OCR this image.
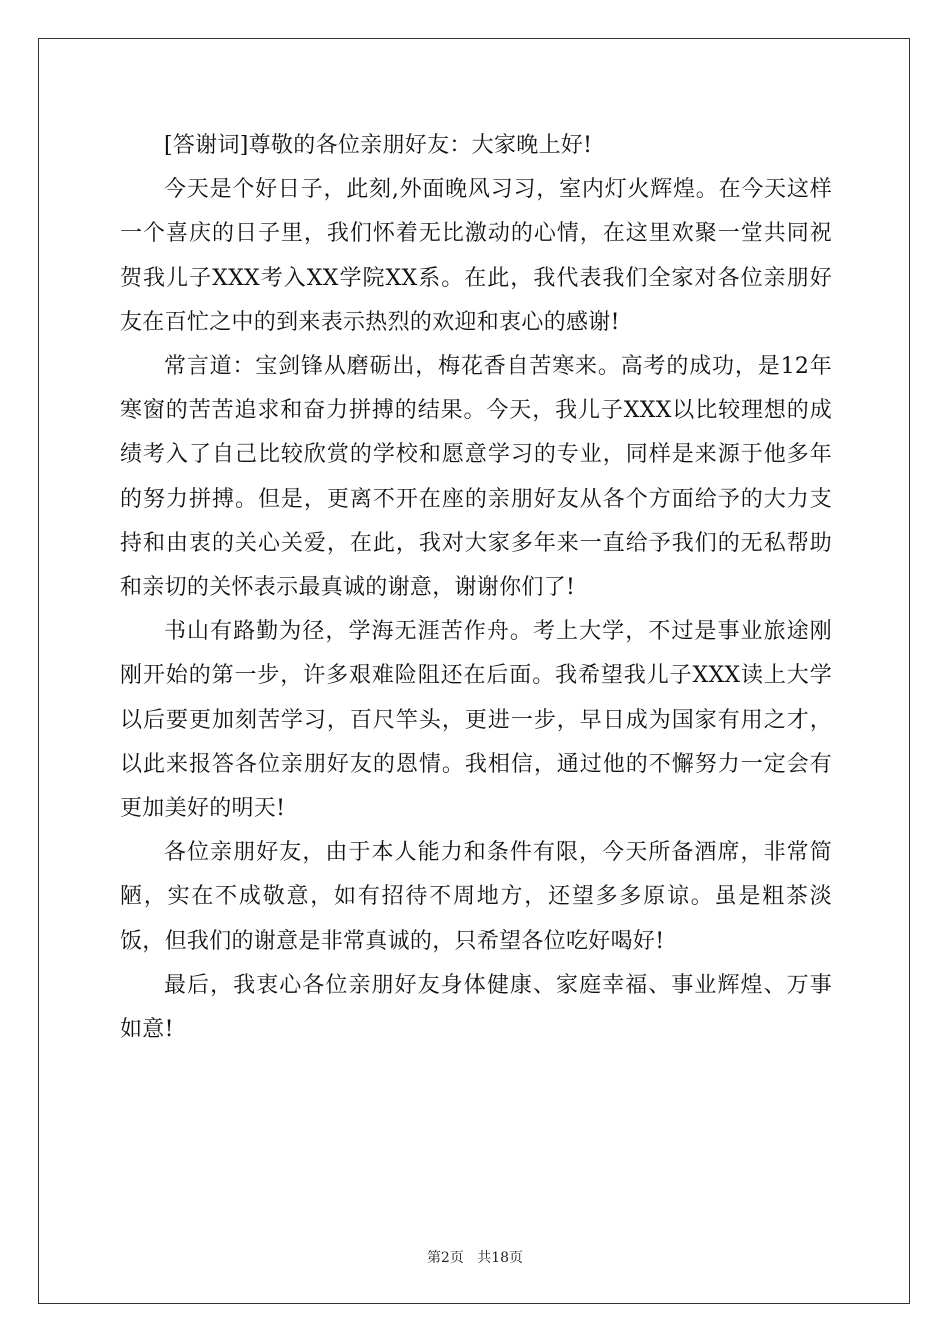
[答谢词]尊敬的各位亲朋好友：大家晚上好!

今天是个好日子，此刻,外面晚风习习，室内灯火辉煌。在今天这样一个喜庆的日子里，我们怀着无比激动的心情，在这里欢聚一堂共同祝贺我儿子XXX考入XX学院XX系。在此，我代表我们全家对各位亲朋好友在百忙之中的到来表示热烈的欢迎和衷心的感谢!

常言道：宝剑锋从磨砺出，梅花香自苦寒来。高考的成功，是12年寒窗的苦苦追求和奋力拼搏的结果。今天，我儿子XXX以比较理想的成绩考入了自己比较欣赏的学校和愿意学习的专业，同样是来源于他多年的努力拼搏。但是，更离不开在座的亲朋好友从各个方面给予的大力支持和由衷的关心关爱，在此，我对大家多年来一直给予我们的无私帮助和亲切的关怀表示最真诚的谢意，谢谢你们了!

书山有路勤为径，学海无涯苦作舟。考上大学，不过是事业旅途刚刚开始的第一步，许多艰难险阻还在后面。我希望我儿子XXX读上大学以后要更加刻苦学习，百尺竿头，更进一步，早日成为国家有用之才，以此来报答各位亲朋好友的恩情。我相信，通过他的不懈努力一定会有更加美好的明天!

各位亲朋好友，由于本人能力和条件有限，今天所备酒席，非常简陋，实在不成敬意，如有招待不周地方，还望多多原谅。虽是粗茶淡饭，但我们的谢意是非常真诚的，只希望各位吃好喝好!

最后，我衷心各位亲朋好友身体健康、家庭幸福、事业辉煌、万事如意!

第2页 共18页
